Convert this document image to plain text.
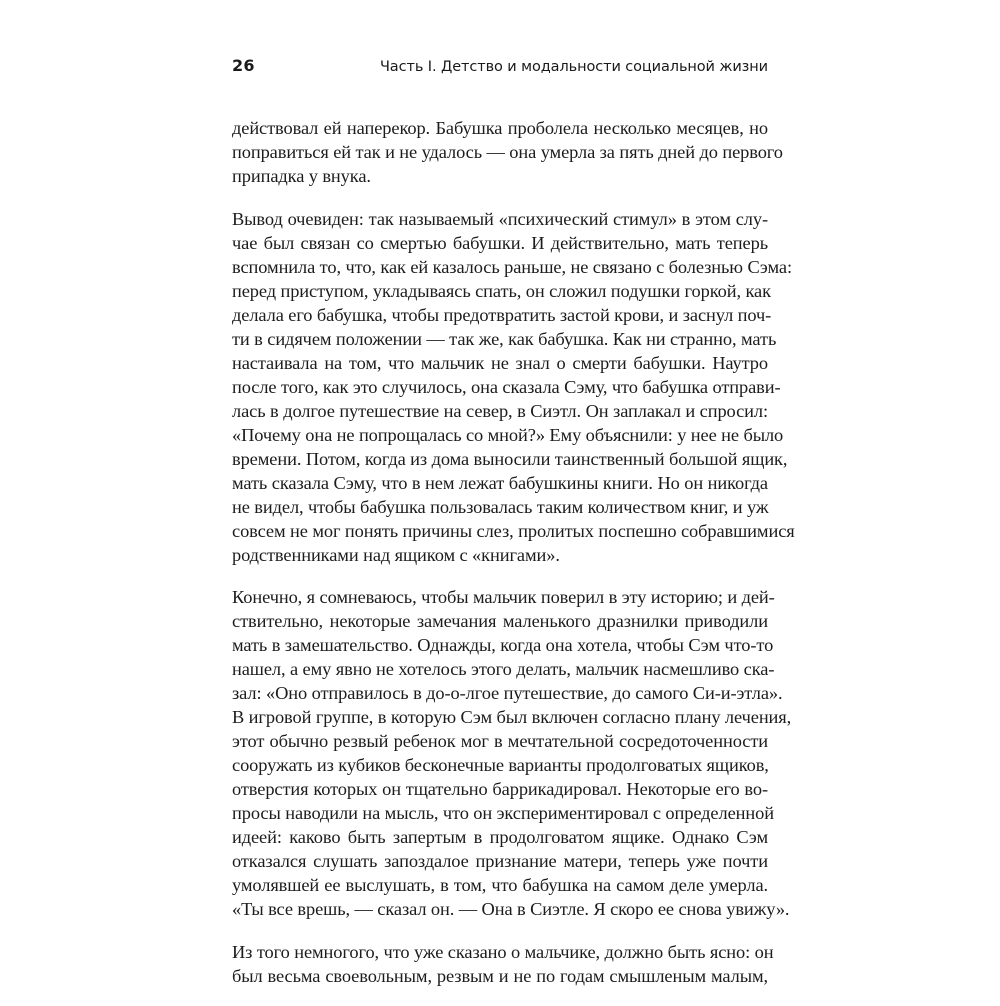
26	Часть I. Детство и модальности социальной жизни

действовал ей наперекор. Бабушка проболела несколько месяцев, но
поправиться ей так и не удалось — она умерла за пять дней до первого
припадка у внука.

Вывод очевиден: так называемый «психический стимул» в этом слу-
чае был связан со смертью бабушки. И действительно, мать теперь
вспомнила то, что, как ей казалось раньше, не связано с болезнью Сэма:
перед приступом, укладываясь спать, он сложил подушки горкой, как
делала его бабушка, чтобы предотвратить застой крови, и заснул поч-
ти в сидячем положении — так же, как бабушка. Как ни странно, мать
настаивала на том, что мальчик не знал о смерти бабушки. Наутро
после того, как это случилось, она сказала Сэму, что бабушка отправи-
лась в долгое путешествие на север, в Сиэтл. Он заплакал и спросил:
«Почему она не попрощалась со мной?» Ему объяснили: у нее не было
времени. Потом, когда из дома выносили таинственный большой ящик,
мать сказала Сэму, что в нем лежат бабушкины книги. Но он никогда
не видел, чтобы бабушка пользовалась таким количеством книг, и уж
совсем не мог понять причины слез, пролитых поспешно собравшимися
родственниками над ящиком с «книгами».

Конечно, я сомневаюсь, чтобы мальчик поверил в эту историю; и дей-
ствительно, некоторые замечания маленького дразнилки приводили
мать в замешательство. Однажды, когда она хотела, чтобы Сэм что-то
нашел, а ему явно не хотелось этого делать, мальчик насмешливо ска-
зал: «Оно отправилось в до-о-лгое путешествие, до самого Си-и-этла».
В игровой группе, в которую Сэм был включен согласно плану лечения,
этот обычно резвый ребенок мог в мечтательной сосредоточенности
сооружать из кубиков бесконечные варианты продолговатых ящиков,
отверстия которых он тщательно баррикадировал. Некоторые его во-
просы наводили на мысль, что он экспериментировал с определенной
идеей: каково быть запертым в продолговатом ящике. Однако Сэм
отказался слушать запоздалое признание матери, теперь уже почти
умолявшей ее выслушать, в том, что бабушка на самом деле умерла.
«Ты все врешь, — сказал он. — Она в Сиэтле. Я скоро ее снова увижу».

Из того немногого, что уже сказано о мальчике, должно быть ясно: он
был весьма своевольным, резвым и не по годам смышленым малым,
